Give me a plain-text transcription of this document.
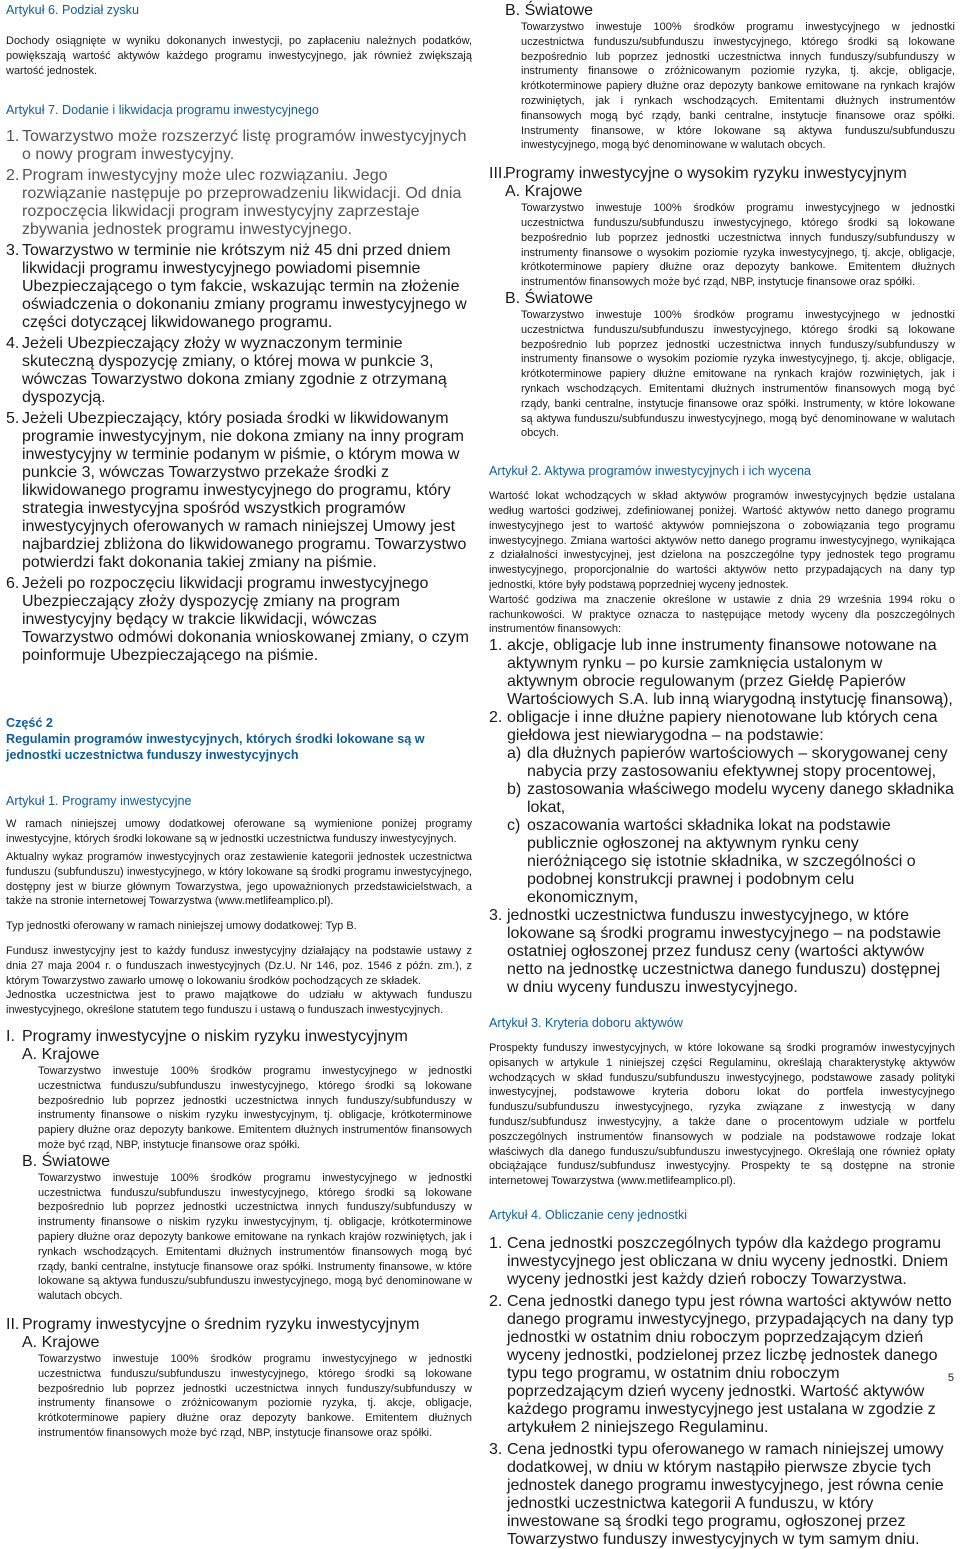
Artykuł 6. Podział zysku

Dochody osiągnięte w wyniku dokonanych inwestycji, po zapłaceniu należnych podatków, powiększają wartość aktywów każdego programu inwestycyjnego, jak również zwiększają wartość jednostek.

Artykuł 7. Dodanie i likwidacja programu inwestycyjnego
1. Towarzystwo może rozszerzyć listę programów inwestycyjnych o nowy program inwestycyjny.
2. Program inwestycyjny może ulec rozwiązaniu. Jego rozwiązanie następuje po przeprowadzeniu likwidacji. Od dnia rozpoczęcia likwidacji program inwestycyjny zaprzestaje zbywania jednostek programu inwestycyjnego.
3. Towarzystwo w terminie nie krótszym niż 45 dni przed dniem likwidacji programu inwestycyjnego powiadomi pisemnie Ubezpieczającego o tym fakcie, wskazując termin na złożenie oświadczenia o dokonaniu zmiany programu inwestycyjnego w części dotyczącej likwidowanego programu.
4. Jeżeli Ubezpieczający złoży w wyznaczonym terminie skuteczną dyspozycję zmiany, o której mowa w punkcie 3, wówczas Towarzystwo dokona zmiany zgodnie z otrzymaną dyspozycją.
5. Jeżeli Ubezpieczający, który posiada środki w likwidowanym programie inwestycyjnym, nie dokona zmiany na inny program inwestycyjny w terminie podanym w piśmie, o którym mowa w punkcie 3, wówczas Towarzystwo przekaże środki z likwidowanego programu inwestycyjnego do programu, który strategia inwestycyjna spośród wszystkich programów inwestycyjnych oferowanych w ramach niniejszej Umowy jest najbardziej zbliżona do likwidowanego programu. Towarzystwo potwierdzi fakt dokonania takiej zmiany na piśmie.
6. Jeżeli po rozpoczęciu likwidacji programu inwestycyjnego Ubezpieczający złoży dyspozycję zmiany na program inwestycyjny będący w trakcie likwidacji, wówczas Towarzystwo odmówi dokonania wnioskowanej zmiany, o czym poinformuje Ubezpieczającego na piśmie.
Część 2
Regulamin programów inwestycyjnych, których środki lokowane są w jednostki uczestnictwa funduszy inwestycyjnych
Artykuł 1. Programy inwestycyjne

W ramach niniejszej umowy dodatkowej oferowane są wymienione poniżej programy inwestycyjne, których środki lokowane są w jednostki uczestnictwa funduszy inwestycyjnych.

Aktualny wykaz programów inwestycyjnych oraz zestawienie kategorii jednostek uczestnictwa funduszu (subfunduszu) inwestycyjnego, w który lokowane są środki programu inwestycyjnego, dostępny jest w biurze głównym Towarzystwa, jego upoważnionych przedstawicielstwach, a także na stronie internetowej Towarzystwa (www.metlifeamplico.pl).

Typ jednostki oferowany w ramach niniejszej umowy dodatkowej: Typ B.

Fundusz inwestycyjny jest to każdy fundusz inwestycyjny działający na podstawie ustawy z dnia 27 maja 2004 r. o funduszach inwestycyjnych (Dz.U. Nr 146, poz. 1546 z późn. zm.), z którym Towarzystwo zawarło umowę o lokowaniu środków pochodzących ze składek.

Jednostka uczestnictwa jest to prawo majątkowe do udziału w aktywach funduszu inwestycyjnego, określone statutem tego funduszu i ustawą o funduszach inwestycyjnych.

I. Programy inwestycyjne o niskim ryzyku inwestycyjnym
A. Krajowe

Towarzystwo inwestuje 100% środków programu inwestycyjnego w jednostki uczestnictwa funduszu/subfunduszu inwestycyjnego, którego środki są lokowane bezpośrednio lub poprzez jednostki uczestnictwa innych funduszy/subfunduszy w instrumenty finansowe o niskim ryzyku inwestycyjnym, tj. obligacje, krótkoterminowe papiery dłużne oraz depozyty bankowe. Emitentem dłużnych instrumentów finansowych może być rząd, NBP, instytucje finansowe oraz spółki.

B. Światowe

Towarzystwo inwestuje 100% środków programu inwestycyjnego w jednostki uczestnictwa funduszu/subfunduszu inwestycyjnego, którego środki są lokowane bezpośrednio lub poprzez jednostki uczestnictwa innych funduszy/subfunduszy w instrumenty finansowe o niskim ryzyku inwestycyjnym, tj. obligacje, krótkoterminowe papiery dłużne oraz depozyty bankowe emitowane na rynkach krajów rozwiniętych, jak i rynkach wschodzących. Emitentami dłużnych instrumentów finansowych mogą być rządy, banki centralne, instytucje finansowe oraz spółki. Instrumenty finansowe, w które lokowane są aktywa funduszu/subfunduszu inwestycyjnego, mogą być denominowane w walutach obcych.

II. Programy inwestycyjne o średnim ryzyku inwestycyjnym
A. Krajowe

Towarzystwo inwestuje 100% środków programu inwestycyjnego w jednostki uczestnictwa funduszu/subfunduszu inwestycyjnego, którego środki są lokowane bezpośrednio lub poprzez jednostki uczestnictwa innych funduszy/subfunduszy w instrumenty finansowe o zróżnicowanym poziomie ryzyka, tj. akcje, obligacje, krótkoterminowe papiery dłużne oraz depozyty bankowe. Emitentem dłużnych instrumentów finansowych może być rząd, NBP, instytucje finansowe oraz spółki.

B. Światowe

Towarzystwo inwestuje 100% środków programu inwestycyjnego w jednostki uczestnictwa funduszu/subfunduszu inwestycyjnego, którego środki są lokowane bezpośrednio lub poprzez jednostki uczestnictwa innych funduszy/subfunduszy w instrumenty finansowe o zróżnicowanym poziomie ryzyka, tj. akcje, obligacje, krótkoterminowe papiery dłużne oraz depozyty bankowe emitowane na rynkach krajów rozwiniętych, jak i rynkach wschodzących. Emitentami dłużnych instrumentów finansowych mogą być rządy, banki centralne, instytucje finansowe oraz spółki. Instrumenty finansowe, w które lokowane są aktywa funduszu/subfunduszu inwestycyjnego, mogą być denominowane w walutach obcych.

III.
Programy inwestycyjne o wysokim ryzyku inwestycyjnym
A. Krajowe

Towarzystwo inwestuje 100% środków programu inwestycyjnego w jednostki uczestnictwa funduszu/subfunduszu inwestycyjnego, którego środki są lokowane bezpośrednio lub poprzez jednostki uczestnictwa innych funduszy/subfunduszy w instrumenty finansowe o wysokim poziomie ryzyka inwestycyjnego, tj. akcje, obligacje, krótkoterminowe papiery dłużne oraz depozyty bankowe. Emitentem dłużnych instrumentów finansowych może być rząd, NBP, instytucje finansowe oraz spółki.

B. Światowe

Towarzystwo inwestuje 100% środków programu inwestycyjnego w jednostki uczestnictwa funduszu/subfunduszu inwestycyjnego, którego środki są lokowane bezpośrednio lub poprzez jednostki uczestnictwa innych funduszy/subfunduszy w instrumenty finansowe o wysokim poziomie ryzyka inwestycyjnego, tj. akcje, obligacje, krótkoterminowe papiery dłużne emitowane na rynkach krajów rozwiniętych, jak i rynkach wschodzących. Emitentami dłużnych instrumentów finansowych mogą być rządy, banki centralne, instytucje finansowe oraz spółki. Instrumenty, w które lokowane są aktywa funduszu/subfunduszu inwestycyjnego, mogą być denominowane w walutach obcych.

Artykuł 2. Aktywa programów inwestycyjnych i ich wycena

Wartość lokat wchodzących w skład aktywów programów inwestycyjnych będzie ustalana według wartości godziwej, zdefiniowanej poniżej. Wartość aktywów netto danego programu inwestycyjnego jest to wartość aktywów pomniejszona o zobowiązania tego programu inwestycyjnego. Zmiana wartości aktywów netto danego programu inwestycyjnego, wynikająca z działalności inwestycyjnej, jest dzielona na poszczególne typy jednostek tego programu inwestycyjnego, proporcjonalnie do wartości aktywów netto przypadających na dany typ jednostki, które były podstawą poprzedniej wyceny jednostek.

Wartość godziwa ma znaczenie określone w ustawie z dnia 29 września 1994 roku o rachunkowości. W praktyce oznacza to następujące metody wyceny dla poszczególnych instrumentów finansowych:

1. akcje, obligacje lub inne instrumenty finansowe notowane na aktywnym rynku – po kursie zamknięcia ustalonym w aktywnym obrocie regulowanym (przez Giełdę Papierów Wartościowych S.A. lub inną wiarygodną instytucję finansową),
2. obligacje i inne dłużne papiery nienotowane lub których cena giełdowa jest niewiarygodna – na podstawie:
a) dla dłużnych papierów wartościowych – skorygowanej ceny nabycia przy zastosowaniu efektywnej stopy procentowej,
b) zastosowania właściwego modelu wyceny danego składnika lokat,
c) oszacowania wartości składnika lokat na podstawie publicznie ogłoszonej na aktywnym rynku ceny nieróżniącego się istotnie składnika, w szczególności o podobnej konstrukcji prawnej i podobnym celu ekonomicznym,
3. jednostki uczestnictwa funduszu inwestycyjnego, w które lokowane są środki programu inwestycyjnego – na podstawie ostatniej ogłoszonej przez fundusz ceny (wartości aktywów netto na jednostkę uczestnictwa danego funduszu) dostępnej w dniu wyceny funduszu inwestycyjnego.
Artykuł 3. Kryteria doboru aktywów

Prospekty funduszy inwestycyjnych, w które lokowane są środki programów inwestycyjnych opisanych w artykule 1 niniejszej części Regulaminu, określają charakterystykę aktywów wchodzących w skład funduszu/subfunduszu inwestycyjnego, podstawowe zasady polityki inwestycyjnej, podstawowe kryteria doboru lokat do portfela inwestycyjnego funduszu/subfunduszu inwestycyjnego, ryzyka związane z inwestycją w dany fundusz/subfundusz inwestycyjny, a także dane o procentowym udziale w portfelu poszczególnych instrumentów finansowych w podziale na podstawowe rodzaje lokat właściwych dla danego funduszu/subfunduszu inwestycyjnego. Określają one również opłaty obciążające fundusz/subfundusz inwestycyjny. Prospekty te są dostępne na stronie internetowej Towarzystwa (www.metlifeamplico.pl).

Artykuł 4. Obliczanie ceny jednostki
1. Cena jednostki poszczególnych typów dla każdego programu inwestycyjnego jest obliczana w dniu wyceny jednostki. Dniem wyceny jednostki jest każdy dzień roboczy Towarzystwa.
2. Cena jednostki danego typu jest równa wartości aktywów netto danego programu inwestycyjnego, przypadających na dany typ jednostki w ostatnim dniu roboczym poprzedzającym dzień wyceny jednostki, podzielonej przez liczbę jednostek danego typu tego programu, w ostatnim dniu roboczym poprzedzającym dzień wyceny jednostki. Wartość aktywów każdego programu inwestycyjnego jest ustalana w zgodzie z artykułem 2 niniejszego Regulaminu.
3. Cena jednostki typu oferowanego w ramach niniejszej umowy dodatkowej, w dniu w którym nastąpiło pierwsze zbycie tych jednostek danego programu inwestycyjnego, jest równa cenie jednostki uczestnictwa kategorii A funduszu, w który inwestowane są środki tego programu, ogłoszonej przez Towarzystwo funduszy inwestycyjnych w tym samym dniu.
5
